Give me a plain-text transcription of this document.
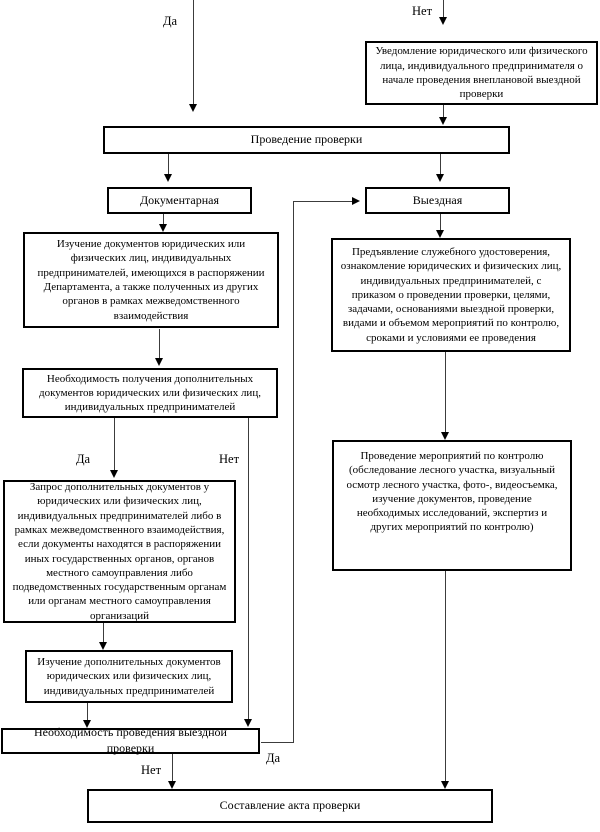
Да
Нет
Уведомление юридического или физического лица, индивидуального предпринимателя о начале проведения внеплановой выездной проверки
Проведение проверки
Документарная	Выездная
Да
Изучение документов юридических или физических лиц, индивидуальных предпринимателей, имеющихся в распоряжении Департамента, а также полученных из других органов в рамках межведомственного взаимодействия
Необходимость получения дополнительных документов юридических или физических лиц, индивидуальных предпринимателей
Да	Нет
Запрос дополнительных документов у юридических или физических лиц, индивидуальных предпринимателей либо в рамках межведомственного взаимодействия, если документы находятся в распоряжении иных государственных органов, органов местного самоуправления либо подведомственных государственным органам или органам местного самоуправления организаций
Изучение дополнительных документов юридических или физических лиц, индивидуальных предпринимателей
Необходимость проведения выездной проверки
Нет
Предъявление служебного удостоверения, ознакомление юридических и физических лиц, индивидуальных предпринимателей, с приказом о проведении проверки, целями, задачами, основаниями выездной проверки, видами и объемом мероприятий по контролю, сроками и условиями ее проведения
Проведение мероприятий по контролю (обследование лесного участка, визуальный осмотр лесного участка, фото-, видеосъемка, изучение документов, проведение необходимых исследований, экспертиз и других мероприятий по контролю)
Составление акта проверки
